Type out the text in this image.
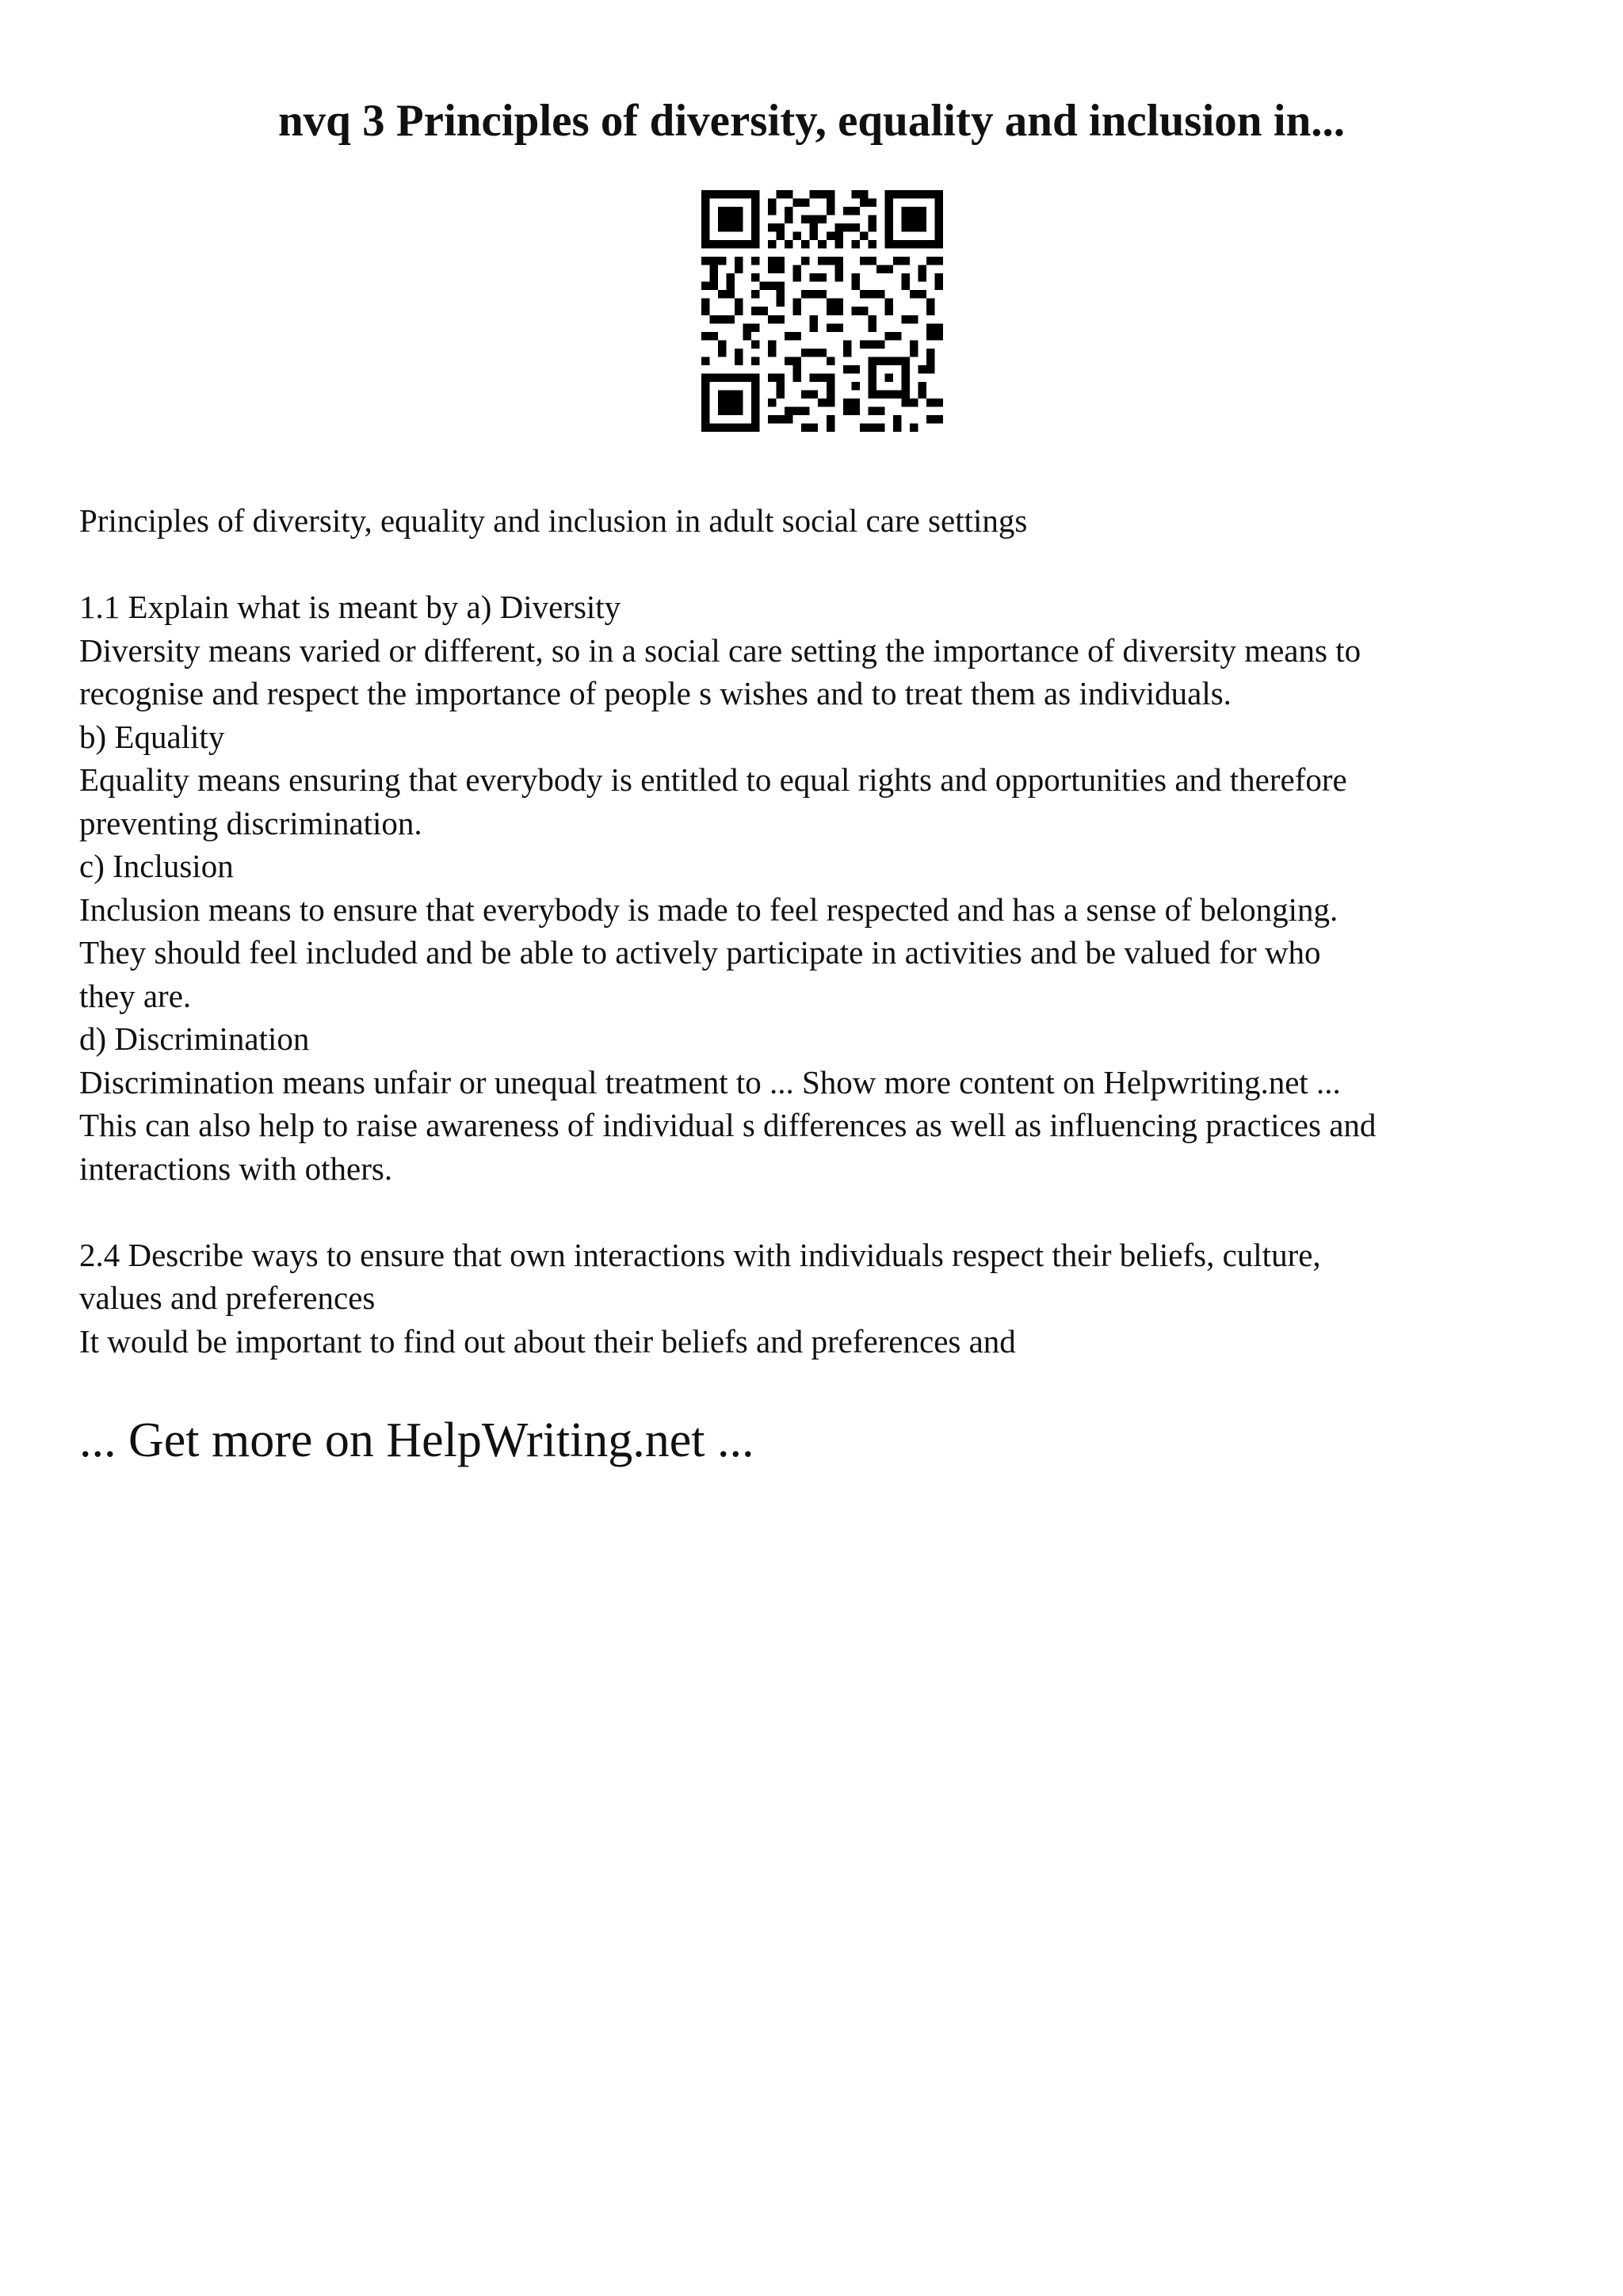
nvq 3 Principles of diversity, equality and inclusion in...

Principles of diversity, equality and inclusion in adult social care settings

1.1 Explain what is meant by a) Diversity

Diversity means varied or different, so in a social care setting the importance of diversity means to

recognise and respect the importance of people s wishes and to treat them as individuals.

b) Equality

Equality means ensuring that everybody is entitled to equal rights and opportunities and therefore

preventing discrimination.

c) Inclusion

Inclusion means to ensure that everybody is made to feel respected and has a sense of belonging.

They should feel included and be able to actively participate in activities and be valued for who

they are.

d) Discrimination

Discrimination means unfair or unequal treatment to ... Show more content on Helpwriting.net ...

This can also help to raise awareness of individual s differences as well as influencing practices and

interactions with others.

2.4 Describe ways to ensure that own interactions with individuals respect their beliefs, culture,

values and preferences

It would be important to find out about their beliefs and preferences and

... Get more on HelpWriting.net ...
